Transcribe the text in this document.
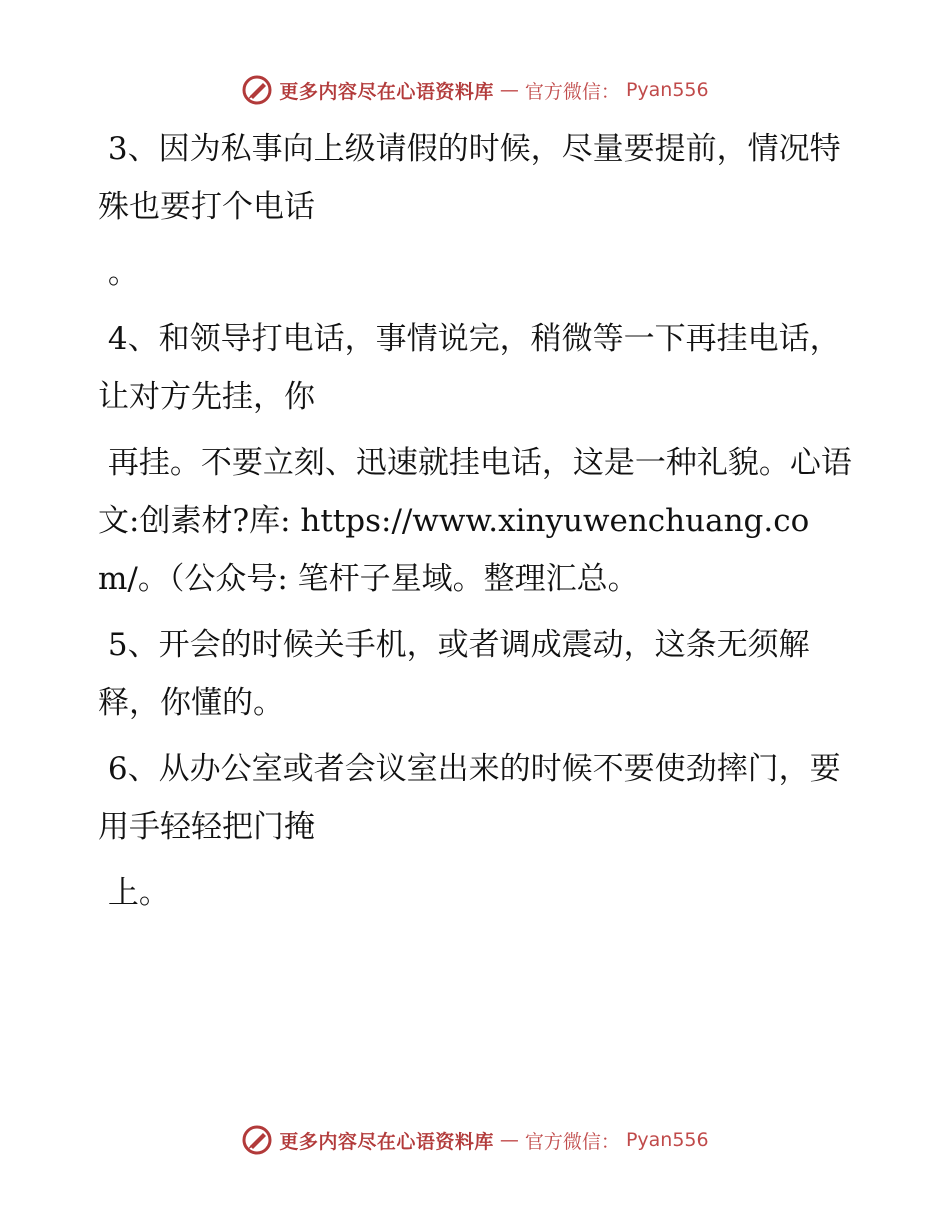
更多内容尽在心语资料库 — 官方微信： Pyan556

3、因为私事向上级请假的时候，尽量要提前，情况特殊也要打个电话

。

4、和领导打电话，事情说完，稍微等一下再挂电话，让对方先挂，你

再挂。不要立刻、迅速就挂电话，这是一种礼貌。心语文:创素材?库: https://www.xinyuwenchuang.com/。（公众号: 笔杆子星域。整理汇总。

5、开会的时候关手机，或者调成震动，这条无须解释，你懂的。

6、从办公室或者会议室出来的时候不要使劲摔门，要用手轻轻把门掩

上。

更多内容尽在心语资料库 — 官方微信： Pyan556
